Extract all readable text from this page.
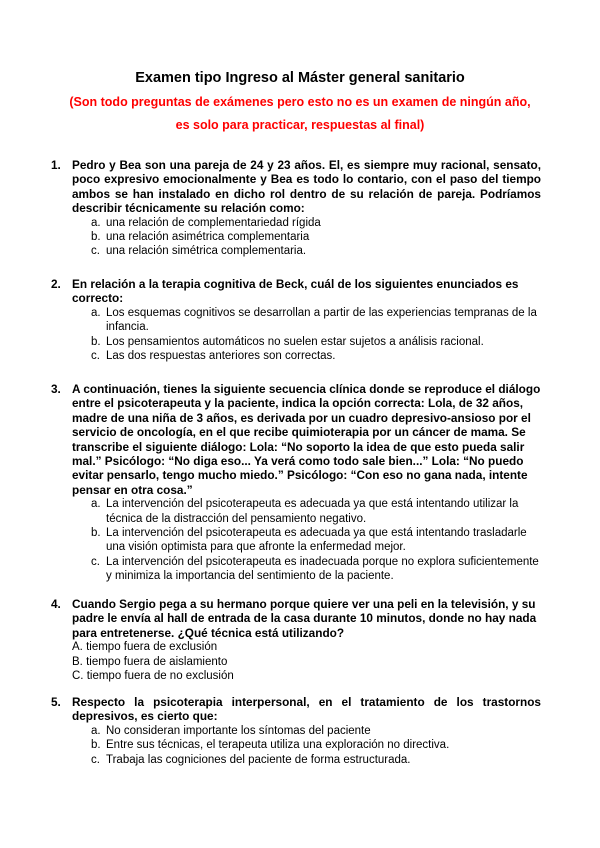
Examen tipo Ingreso al Máster general sanitario
(Son todo preguntas de exámenes pero esto no es un examen de ningún año,
es solo para practicar, respuestas al final)
1. Pedro y Bea son una pareja de 24 y 23 años. El, es siempre muy racional, sensato, poco expresivo emocionalmente y Bea es todo lo contario, con el paso del tiempo ambos se han instalado en dicho rol dentro de su relación de pareja. Podríamos describir técnicamente su relación como:
a. una relación de complementariedad rígida
b. una relación asimétrica complementaria
c. una relación simétrica complementaria.
2. En relación a la terapia cognitiva de Beck, cuál de los siguientes enunciados es correcto:
a. Los esquemas cognitivos se desarrollan a partir de las experiencias tempranas de la infancia.
b. Los pensamientos automáticos no suelen estar sujetos a análisis racional.
c. Las dos respuestas anteriores son correctas.
3. A continuación, tienes la siguiente secuencia clínica donde se reproduce el diálogo entre el psicoterapeuta y la paciente, indica la opción correcta: Lola, de 32 años, madre de una niña de 3 años, es derivada por un cuadro depresivo-ansioso por el servicio de oncología, en el que recibe quimioterapia por un cáncer de mama. Se transcribe el siguiente diálogo: Lola: “No soporto la idea de que esto pueda salir mal.” Psicólogo: “No diga eso... Ya verá como todo sale bien...” Lola: “No puedo evitar pensarlo, tengo mucho miedo.” Psicólogo: “Con eso no gana nada, intente pensar en otra cosa.”
a. La intervención del psicoterapeuta es adecuada ya que está intentando utilizar la técnica de la distracción del pensamiento negativo.
b. La intervención del psicoterapeuta es adecuada ya que está intentando trasladarle una visión optimista para que afronte la enfermedad mejor.
c. La intervención del psicoterapeuta es inadecuada porque no explora suficientemente y minimiza la importancia del sentimiento de la paciente.
4. Cuando Sergio pega a su hermano porque quiere ver una peli en la televisión, y su padre le envía al hall de entrada de la casa durante 10 minutos, donde no hay nada para entretenerse. ¿Qué técnica está utilizando?
A. tiempo fuera de exclusión
B. tiempo fuera de aislamiento
C. tiempo fuera de no exclusión
5. Respecto la psicoterapia interpersonal, en el tratamiento de los trastornos depresivos, es cierto que:
a. No consideran importante los síntomas del paciente
b. Entre sus técnicas, el terapeuta utiliza una exploración no directiva.
c. Trabaja las cogniciones del paciente de forma estructurada.
